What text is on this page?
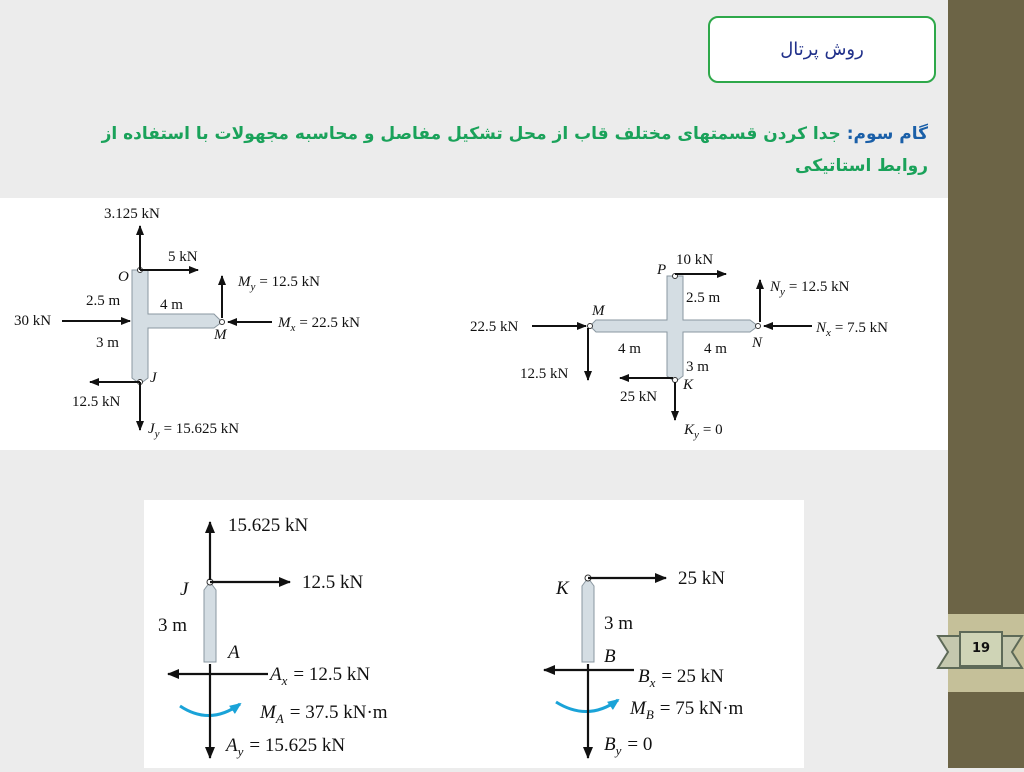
روش پرتال
گام سوم: جدا کردن قسمتهای مختلف قاب از محل تشکیل مفاصل و محاسبه مجهولات با استفاده از روابط استاتیکی
3.125 kN
O
5 kN
$M_y = 12.5$ kN
$M_x = 22.5$ kN
M
2.5 m	4 m
30 kN
3 m
J
12.5 kN
$J_y = 15.625$ kN
10 kN
P
2.5 m
$N_y = 12.5$ kN
M
22.5 kN	$N_x = 7.5$ kN
N
4 m	4 m
3 m
12.5 kN
K
25 kN
$K_y = 0$
15.625 kN
J	12.5 kN
3 m
A
$A_x = 12.5$ kN
$M_A = 37.5$ kN·m
$A_y = 15.625$ kN
K	25 kN
3 m
B
$B_x = 25$ kN
$M_B = 75$ kN·m
$B_y = 0$
19
